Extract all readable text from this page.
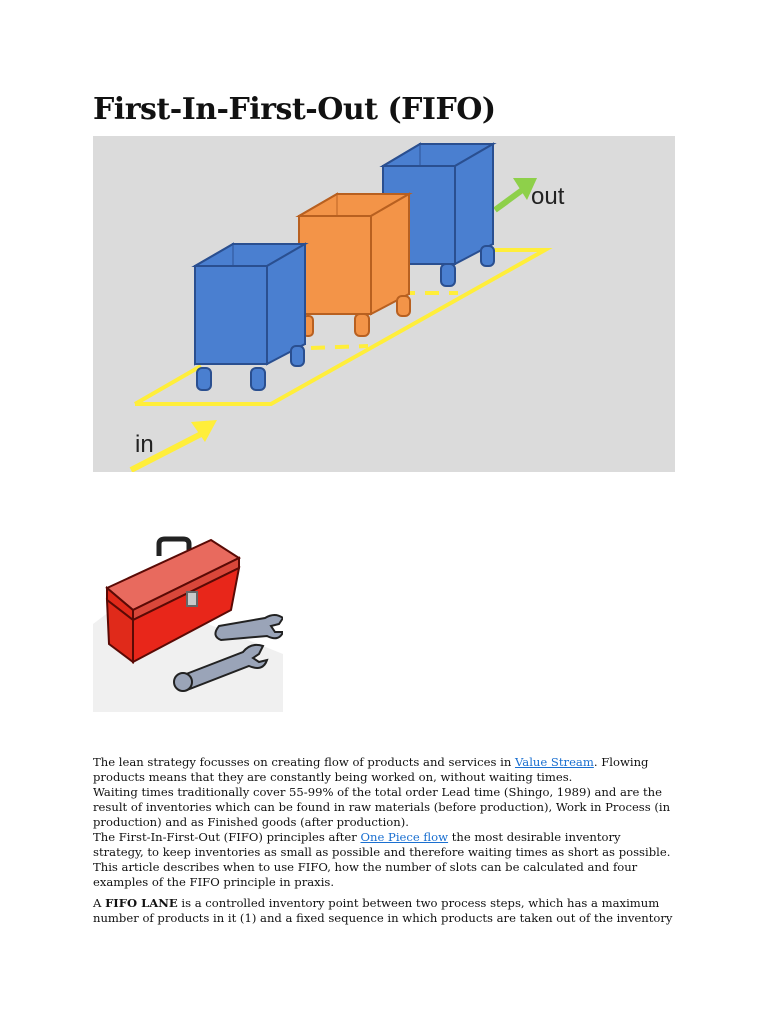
First-In-First-Out (FIFO)
out
in

The lean strategy focusses on creating flow of products and services in Value Stream. Flowing products means that they are constantly being worked on, without waiting times.

Waiting times traditionally cover 55-99% of the total order Lead time (Shingo, 1989) and are the result of inventories which can be found in raw materials (before production), Work in Process (in production) and as Finished goods (after production).

The First-In-First-Out (FIFO) principles after One Piece flow the most desirable inventory strategy, to keep inventories as small as possible and therefore waiting times as short as possible. This article describes when to use FIFO, how the number of slots can be calculated and four examples of the FIFO principle in praxis.

A FIFO LANE is a controlled inventory point between two process steps, which has a maximum number of products in it (1) and a fixed sequence in which products are taken out of the inventory
